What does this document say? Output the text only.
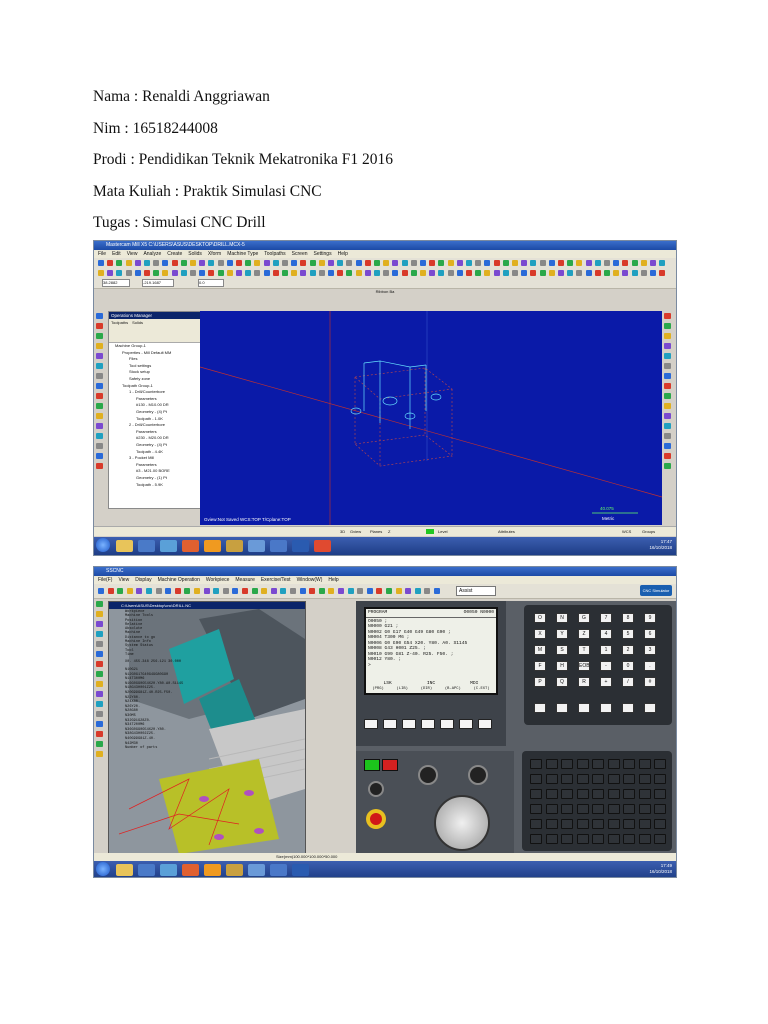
Nama : Renaldi Anggriawan
Nim : 16518244008
Prodi : Pendidikan Teknik Mekatronika F1 2016
Mata Kuliah : Praktik Simulasi CNC
Tugas : Simulasi CNC Drill
Mastercam Mill X5 C:\USERS\ASUS\DESKTOP\DRILL.MCX-5
File Edit View Analyze Create Solids Xform Machine Type Toolpaths Screen Settings Help
38.2882	-219.1687	0.0
Ribbon Ba
Operations Manager
Toolpaths Solids
Machine Group-1
Properties - Mill Default MM
Files
Tool settings
Stock setup
Safety zone
Toolpath Group-1
1 - Drill/Counterbore
Parameters
#130 - M10.00 DR
Geometry - (4) Pt
Toolpath - 1.0K
2 - Drill/Counterbore
Parameters
#230 - M20.00 DR
Geometry - (4) Pt
Toolpath - 4.4K
3 - Pocket Mill
Parameters
#3 - M21.00 BORE
Geometry - (1) Pt
Toolpath - 5.9K
Gview:Not Saved WCS:TOP T/Cplane:TOP
40.075
Metric
3D Gview Planes Z	Level	Attributes	WCS	Groups
17:47
16/10/2018
SSCNC
File(F) View Display Machine Operation Workpiece Measure Exercise/Test Window(W) Help
Assist	CNC Simulator
C:\Users\ASUS\Desktop\cnc\DRILL.NC
Workpiece
Machine Tools
Position
Relative
Absolute
Machine
Distance to go
Machine Info
System Status
Tool
Time
X0. 455.348 256.121 30.000
N10G21
N12G0G17G40G49G80G90
N14T300M6
N16G0G90G54X20.Y80.A0.S1145
N18G43H001Z25.
N20G99G81Z-40.R25.F50.
N22Y80.
N24X80.
N26Y20.
N28G80
N30M5
N32G91G28Z0.
N34T200M6
N36G0G90G54X20.Y80.
N38G43H002Z25.
N40G99G81Z-40.
N42M30
Number of parts
PROGRAM	O0050 N0000
O0050 ;
N0000 G21 ;
N0002 G0 G17 G40 G49 G80 G90 ;
N0004 T300 M6 ;
N0006 G0 G90 G54 X20. Y80. A0. S1145
N0008 G43 H001 Z25. ;
N0010 G99 G81 Z-40. R25. F50. ;
N0012 Y80. ;
>
LSK	INC	MDI
(PRG)	(LIB)	(DIR)	(B-APC)	(C.EXT)
O	N	G	7	8	9
X	Y	Z	4	5	6
M	S	T	1	2	3
F	H	EOB	-	0	.
P	Q	R	+	/	#
Size(mm)100.000*100.000*50.000
17:49
16/10/2018
